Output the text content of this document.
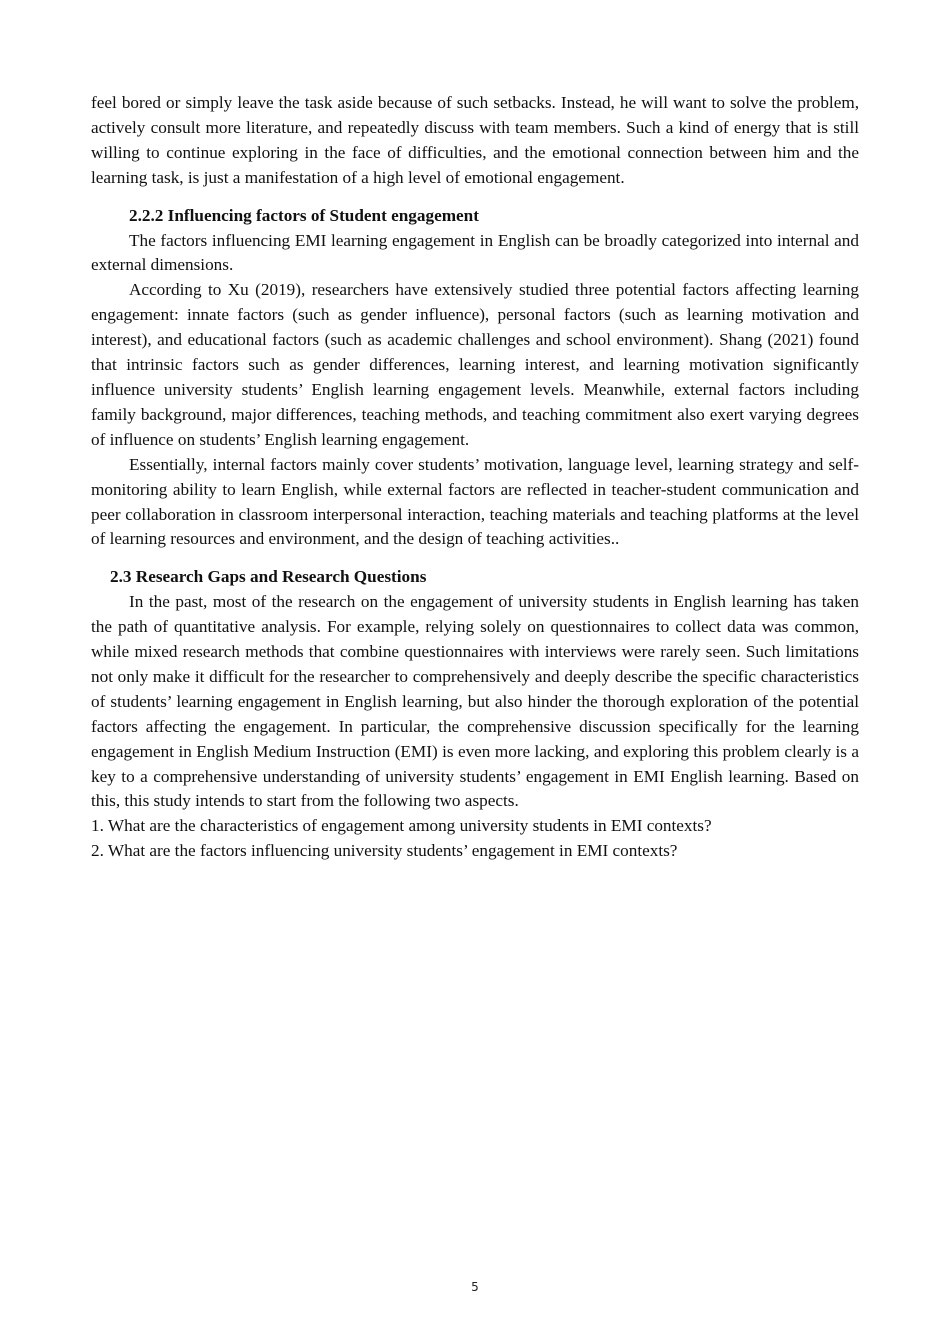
feel bored or simply leave the task aside because of such setbacks. Instead, he will want to solve the problem, actively consult more literature, and repeatedly discuss with team members. Such a kind of energy that is still willing to continue exploring in the face of difficulties, and the emotional connection between him and the learning task, is just a manifestation of a high level of emotional engagement.

2.2.2 Influencing factors of Student engagement

The factors influencing EMI learning engagement in English can be broadly categorized into internal and external dimensions.

According to Xu (2019), researchers have extensively studied three potential factors affecting learning engagement: innate factors (such as gender influence), personal factors (such as learning motivation and interest), and educational factors (such as academic challenges and school environment). Shang (2021) found that intrinsic factors such as gender differences, learning interest, and learning motivation significantly influence university students’ English learning engagement levels. Meanwhile, external factors including family background, major differences, teaching methods, and teaching commitment also exert varying degrees of influence on students’ English learning engagement.

Essentially, internal factors mainly cover students’ motivation, language level, learning strategy and self-monitoring ability to learn English, while external factors are reflected in teacher-student communication and peer collaboration in classroom interpersonal interaction, teaching materials and teaching platforms at the level of learning resources and environment, and the design of teaching activities..

2.3 Research Gaps and Research Questions

In the past, most of the research on the engagement of university students in English learning has taken the path of quantitative analysis. For example, relying solely on questionnaires to collect data was common, while mixed research methods that combine questionnaires with interviews were rarely seen. Such limitations not only make it difficult for the researcher to comprehensively and deeply describe the specific characteristics of students’ learning engagement in English learning, but also hinder the thorough exploration of the potential factors affecting the engagement. In particular, the comprehensive discussion specifically for the learning engagement in English Medium Instruction (EMI) is even more lacking, and exploring this problem clearly is a key to a comprehensive understanding of university students’ engagement in EMI English learning. Based on this, this study intends to start from the following two aspects.

1. What are the characteristics of engagement among university students in EMI contexts?

2. What are the factors influencing university students’ engagement in EMI contexts?

5
